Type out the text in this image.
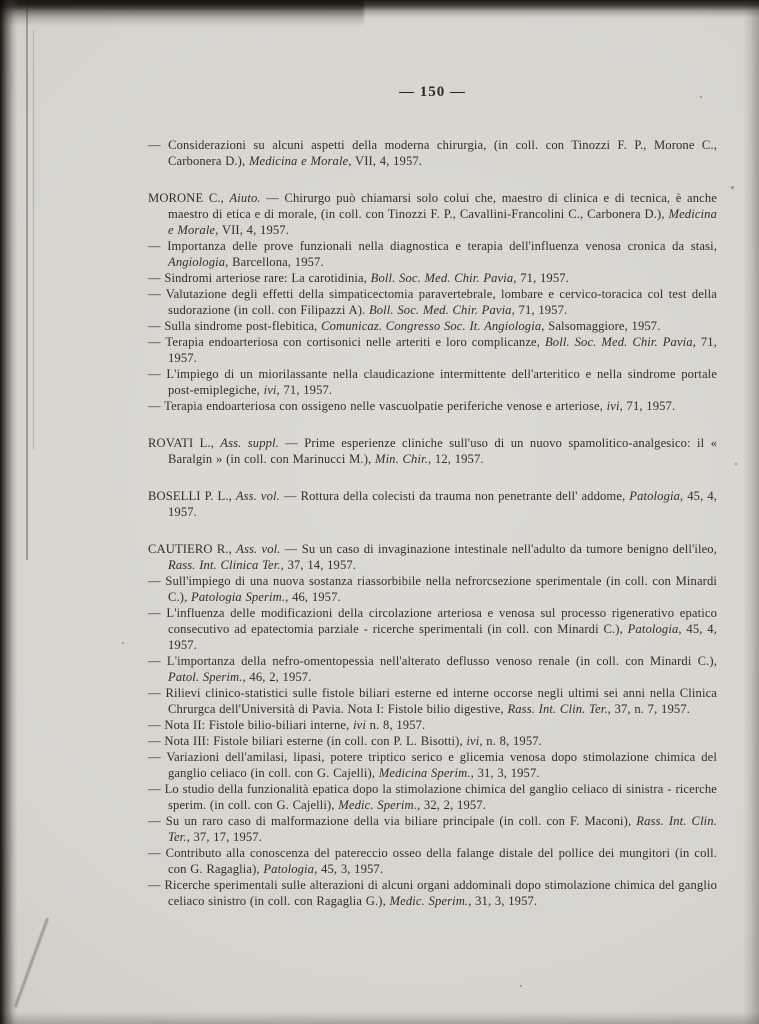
— 150 —

— Considerazioni su alcuni aspetti della moderna chirurgia, (in coll. con Tinozzi F. P., Morone C., Carbonera D.), Medicina e Morale, VII, 4, 1957.

MORONE C., Aiuto. — Chirurgo può chiamarsi solo colui che, maestro di clinica e di tecnica, è anche maestro di etica e di morale, (in coll. con Tinozzi F. P., Cavallini-Francolini C., Carbonera D.), Medicina e Morale, VII, 4, 1957.

— Importanza delle prove funzionali nella diagnostica e terapia dell'influenza venosa cronica da stasi, Angiologia, Barcellona, 1957.

— Sindromi arteriose rare: La carotidinia, Boll. Soc. Med. Chir. Pavia, 71, 1957.

— Valutazione degli effetti della simpaticectomia paravertebrale, lombare e cervico-toracica col test della sudorazione (in coll. con Filipazzi A). Boll. Soc. Med. Chir. Pavia, 71, 1957.

— Sulla sindrome post-flebitica, Comunicaz. Congresso Soc. It. Angiologia, Salsomaggiore, 1957.

— Terapia endoarteriosa con cortisonici nelle arteriti e loro complicanze, Boll. Soc. Med. Chir. Pavia, 71, 1957.

— L'impiego di un miorilassante nella claudicazione intermittente dell'arteritico e nella sindrome portale post-emiplegiche, ivi, 71, 1957.

— Terapia endoarteriosa con ossigeno nelle vascuolpatie periferiche venose e arteriose, ivi, 71, 1957.

ROVATI L., Ass. suppl. — Prime esperienze cliniche sull'uso di un nuovo spamolitico-analgesico: il « Baralgin » (in coll. con Marinucci M.), Min. Chir., 12, 1957.

BOSELLI P. L., Ass. vol. — Rottura della colecisti da trauma non penetrante dell' addome, Patologia, 45, 4, 1957.

CAUTIERO R., Ass. vol. — Su un caso di invaginazione intestinale nell'adulto da tumore benigno dell'ileo, Rass. Int. Clinica Ter., 37, 14, 1957.

— Sull'impiego di una nuova sostanza riassorbibile nella nefrorcsezione sperimentale (in coll. con Minardi C.), Patologia Sperim., 46, 1957.

— L'influenza delle modificazioni della circolazione arteriosa e venosa sul processo rigenerativo epatico consecutivo ad epatectomia parziale - ricerche sperimentali (in coll. con Minardi C.), Patologia, 45, 4, 1957.

— L'importanza della nefro-omentopessia nell'alterato deflusso venoso renale (in coll. con Minardi C.), Patol. Sperim., 46, 2, 1957.

— Rilievi clinico-statistici sulle fistole biliari esterne ed interne occorse negli ultimi sei anni nella Clinica Chrurgca dell'Università di Pavia. Nota I: Fistole bilio digestive, Rass. Int. Clin. Ter., 37, n. 7, 1957.

— Nota II: Fistole bilio-biliari interne, ivi n. 8, 1957.

— Nota III: Fistole biliari esterne (in coll. con P. L. Bisotti), ivi, n. 8, 1957.

— Variazioni dell'amilasi, lipasi, potere triptico serico e glicemia venosa dopo stimolazione chimica del ganglio celiaco (in coll. con G. Cajelli), Medicina Sperim., 31, 3, 1957.

— Lo studio della funzionalità epatica dopo la stimolazione chimica del ganglio celiaco di sinistra - ricerche sperim. (in coll. con G. Cajelli), Medic. Sperim., 32, 2, 1957.

— Su un raro caso di malformazione della via biliare principale (in coll. con F. Maconi), Rass. Int. Clin. Ter., 37, 17, 1957.

— Contributo alla conoscenza del patereccio osseo della falange distale del pollice dei mungitori (in coll. con G. Ragaglia), Patologia, 45, 3, 1957.

— Ricerche sperimentali sulle alterazioni di alcuni organi addominali dopo stimolazione chimica del ganglio celiaco sinistro (in coll. con Ragaglia G.), Medic. Sperim., 31, 3, 1957.
